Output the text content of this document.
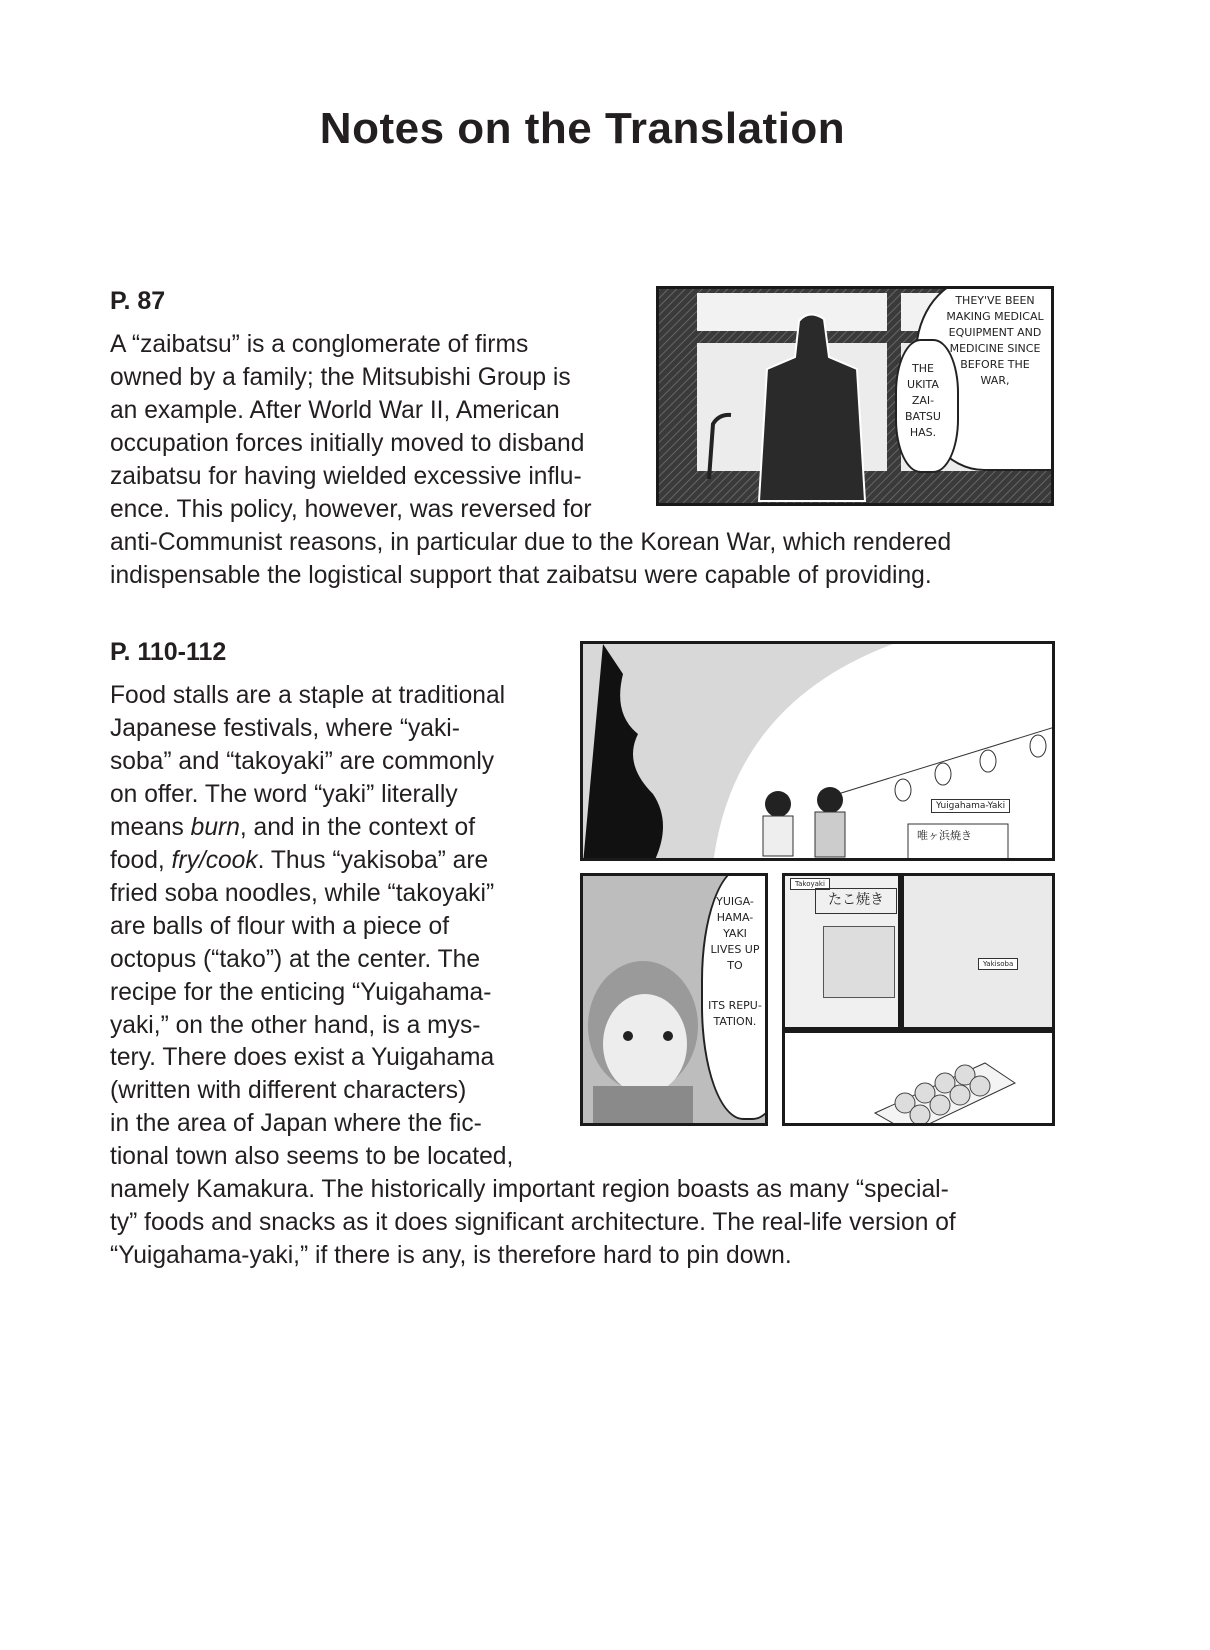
Notes on the Translation
P. 87
A “zaibatsu” is a conglomerate of firms
owned by a family; the Mitsubishi Group is
an example. After World War II, American
occupation forces initially moved to disband
zaibatsu for having wielded excessive influ-
ence. This policy, however, was reversed for
anti-Communist reasons, in particular due to the Korean War, which rendered
indispensable the logistical support that zaibatsu were capable of providing.
P. 110-112
Food stalls are a staple at traditional
Japanese festivals, where “yaki-
soba” and “takoyaki” are commonly
on offer. The word “yaki” literally
means burn, and in the context of
food, fry/cook. Thus “yakisoba” are
fried soba noodles, while “takoyaki”
are balls of flour with a piece of
octopus (“tako”) at the center. The
recipe for the enticing “Yuigahama-
yaki,” on the other hand, is a mys-
tery. There does exist a Yuigahama
(written with different characters)
in the area of Japan where the fic-
tional town also seems to be located,
namely Kamakura. The historically important region boasts as many “special-
ty” foods and snacks as it does significant architecture. The real-life version of
“Yuigahama-yaki,” if there is any, is therefore hard to pin down.
THEY'VE BEEN MAKING MEDICAL EQUIPMENT AND MEDICINE SINCE BEFORE THE WAR,
THE UKITA ZAI- BATSU HAS.
Yuigahama-Yaki
唯ヶ浜焼き
YUIGA- HAMA- YAKI LIVES UP TO
ITS REPU- TATION.
Takoyaki
たこ焼き
Yakisoba
